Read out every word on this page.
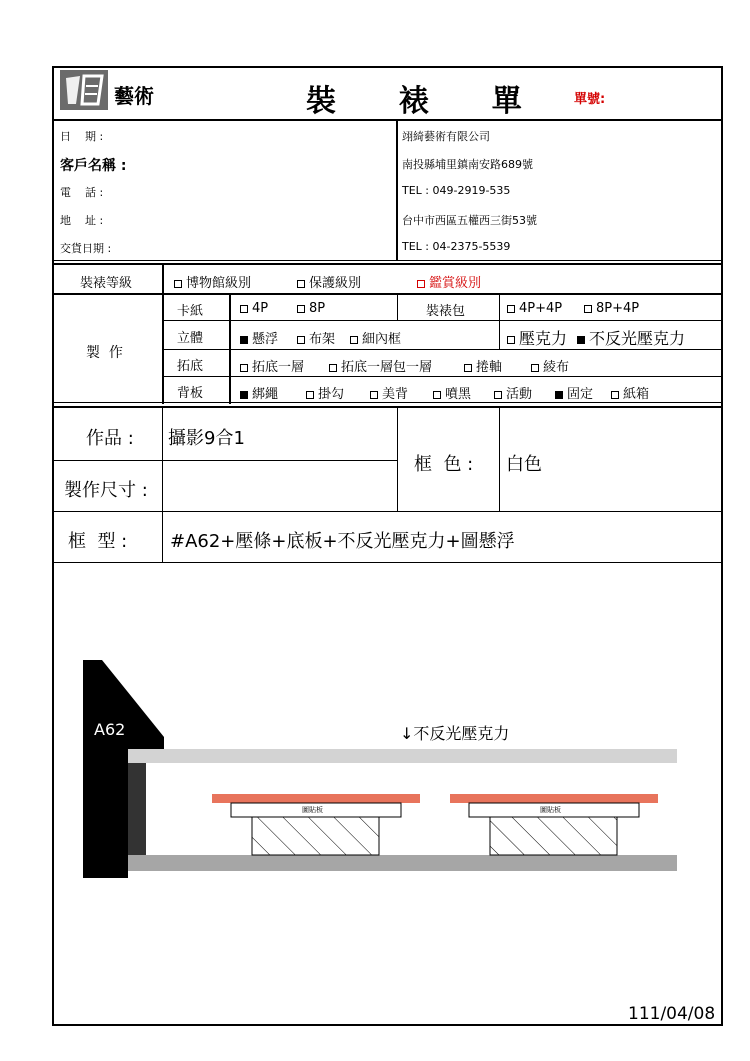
藝術	裝  裱  單	單號:
日    期 :
客戶名稱 :
電    話 :
地    址 :
交貨日期 :
翊綺藝術有限公司
南投縣埔里鎮南安路689號
TEL : 049-2919-535
台中市西區五權西三街53號
TEL : 04-2375-5539
裝裱等級	博物館級別	保護級別	鑑賞級別
製  作
卡紙	4P	8P	裝裱包	4P+4P	8P+4P
立體	懸浮	布架	細內框	壓克力	不反光壓克力
拓底	拓底一層	拓底一層包一層	捲軸	綾布
背板	綁繩	掛勾	美背	噴黑	活動	固定	紙箱
作品 : 攝影9合1
框  色 : 白色
製作尺寸 :
框  型 : #A62+壓條+底板+不反光壓克力+圖懸浮
A62	↓不反光壓克力
圖貼板	圖貼板
111/04/08
